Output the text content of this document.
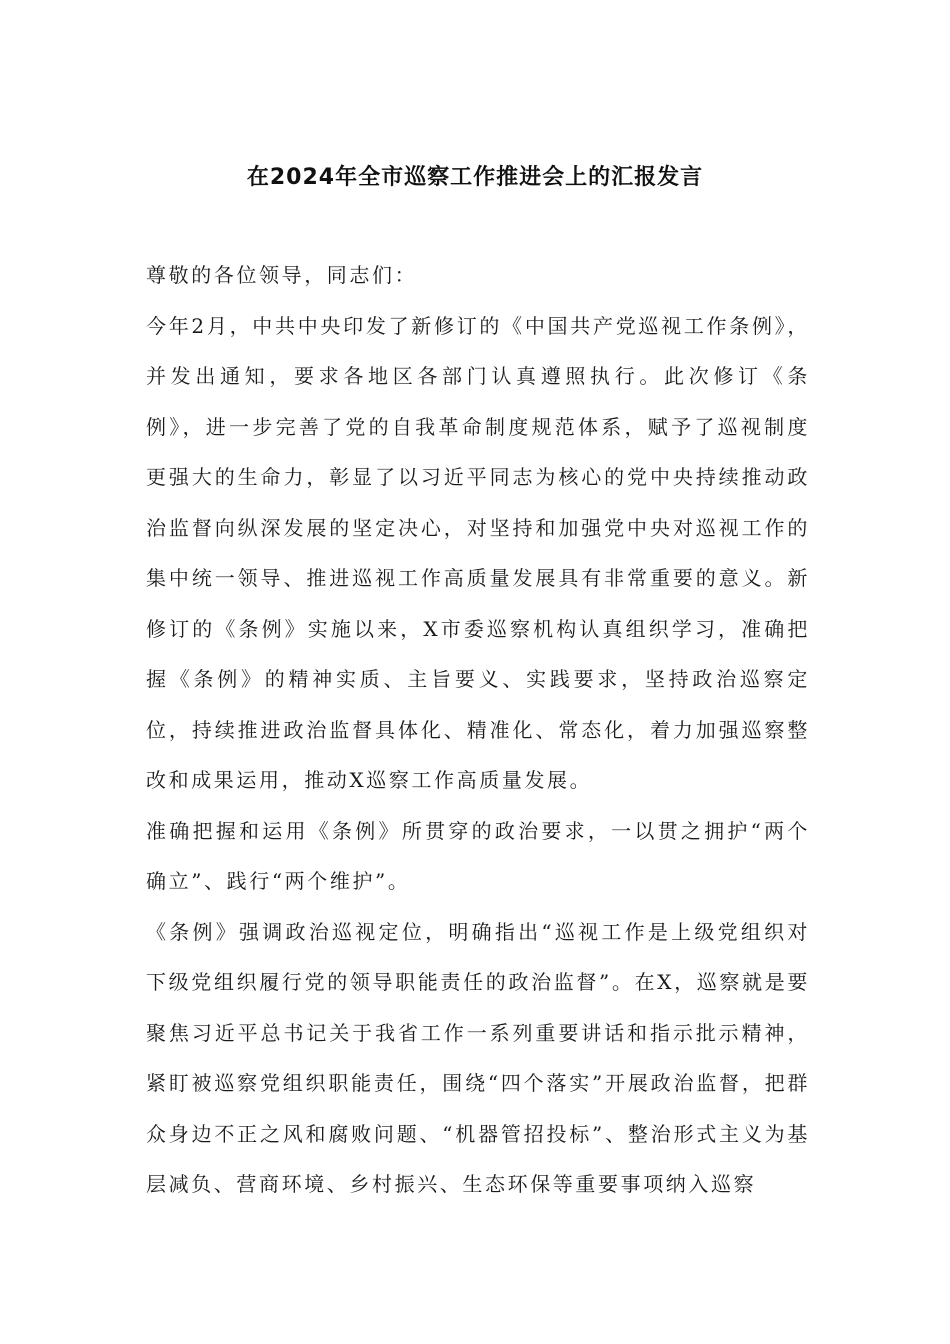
在2024年全市巡察工作推进会上的汇报发言

尊敬的各位领导，同志们：

今年2月，中共中央印发了新修订的《中国共产党巡视工作条例》，并发出通知，要求各地区各部门认真遵照执行。此次修订《条例》，进一步完善了党的自我革命制度规范体系，赋予了巡视制度更强大的生命力，彰显了以习近平同志为核心的党中央持续推动政治监督向纵深发展的坚定决心，对坚持和加强党中央对巡视工作的集中统一领导、推进巡视工作高质量发展具有非常重要的意义。新修订的《条例》实施以来，X市委巡察机构认真组织学习，准确把握《条例》的精神实质、主旨要义、实践要求，坚持政治巡察定位，持续推进政治监督具体化、精准化、常态化，着力加强巡察整改和成果运用，推动X巡察工作高质量发展。

准确把握和运用《条例》所贯穿的政治要求，一以贯之拥护“两个确立”、践行“两个维护”。

《条例》强调政治巡视定位，明确指出“巡视工作是上级党组织对下级党组织履行党的领导职能责任的政治监督”。在X，巡察就是要聚焦习近平总书记关于我省工作一系列重要讲话和指示批示精神，紧盯被巡察党组织职能责任，围绕“四个落实”开展政治监督，把群众身边不正之风和腐败问题、“机器管招投标”、整治形式主义为基层减负、营商环境、乡村振兴、生态环保等重要事项纳入巡察
